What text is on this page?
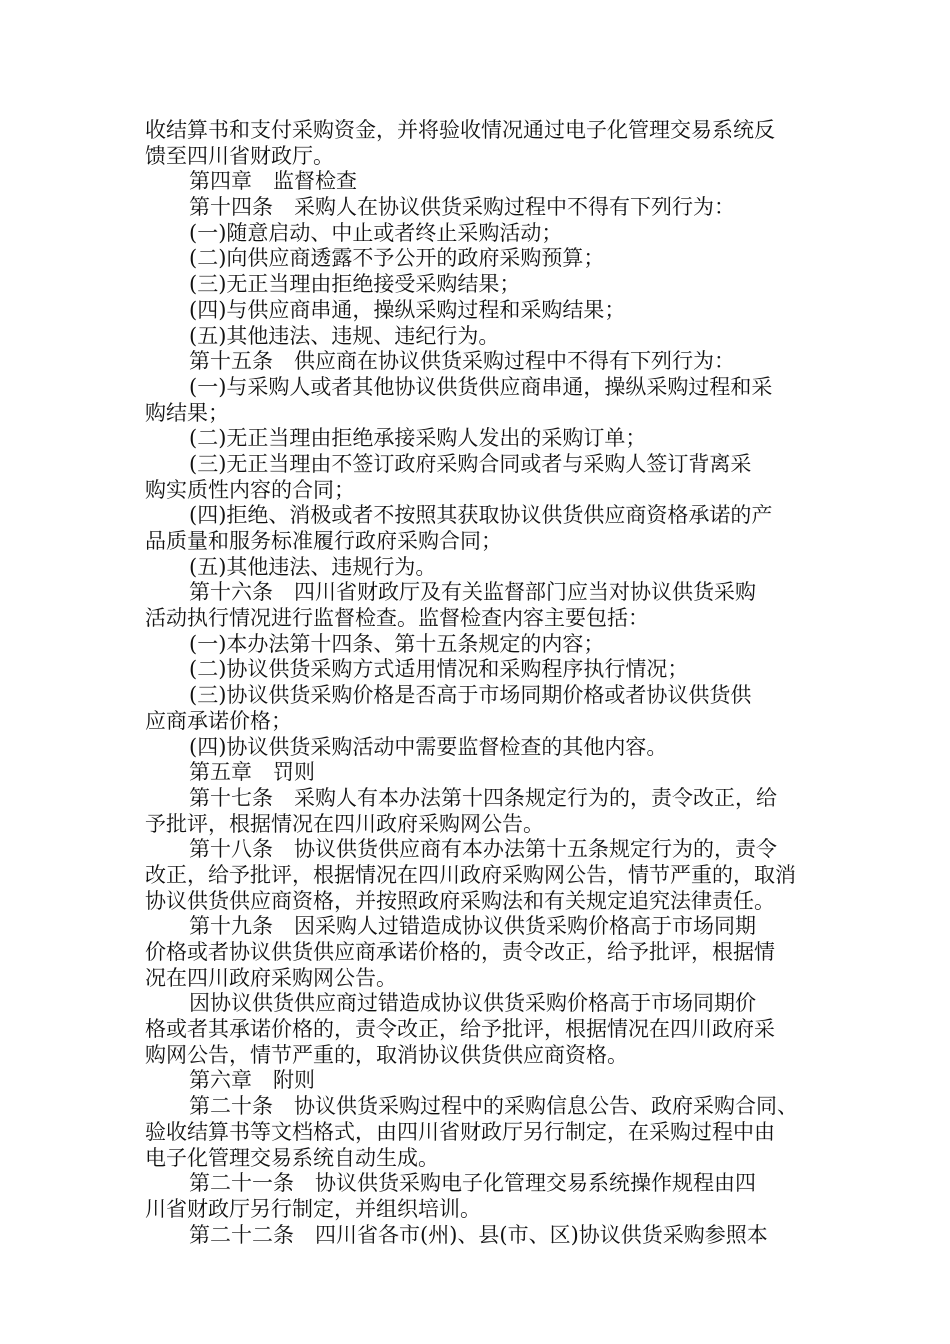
收结算书和支付采购资金，并将验收情况通过电子化管理交易系统反
馈至四川省财政厅。
第四章　监督检查
第十四条　采购人在协议供货采购过程中不得有下列行为：
(一)随意启动、中止或者终止采购活动；
(二)向供应商透露不予公开的政府采购预算；
(三)无正当理由拒绝接受采购结果；
(四)与供应商串通，操纵采购过程和采购结果；
(五)其他违法、违规、违纪行为。
第十五条　供应商在协议供货采购过程中不得有下列行为：
(一)与采购人或者其他协议供货供应商串通，操纵采购过程和采
购结果；
(二)无正当理由拒绝承接采购人发出的采购订单；
(三)无正当理由不签订政府采购合同或者与采购人签订背离采
购实质性内容的合同；
(四)拒绝、消极或者不按照其获取协议供货供应商资格承诺的产
品质量和服务标准履行政府采购合同；
(五)其他违法、违规行为。
第十六条　四川省财政厅及有关监督部门应当对协议供货采购
活动执行情况进行监督检查。监督检查内容主要包括：
(一)本办法第十四条、第十五条规定的内容；
(二)协议供货采购方式适用情况和采购程序执行情况；
(三)协议供货采购价格是否高于市场同期价格或者协议供货供
应商承诺价格；
(四)协议供货采购活动中需要监督检查的其他内容。
第五章　罚则
第十七条　采购人有本办法第十四条规定行为的，责令改正，给
予批评，根据情况在四川政府采购网公告。
第十八条　协议供货供应商有本办法第十五条规定行为的，责令
改正，给予批评，根据情况在四川政府采购网公告，情节严重的，取消
协议供货供应商资格，并按照政府采购法和有关规定追究法律责任。
第十九条　因采购人过错造成协议供货采购价格高于市场同期
价格或者协议供货供应商承诺价格的，责令改正，给予批评，根据情
况在四川政府采购网公告。
因协议供货供应商过错造成协议供货采购价格高于市场同期价
格或者其承诺价格的，责令改正，给予批评，根据情况在四川政府采
购网公告，情节严重的，取消协议供货供应商资格。
第六章　附则
第二十条　协议供货采购过程中的采购信息公告、政府采购合同、
验收结算书等文档格式，由四川省财政厅另行制定，在采购过程中由
电子化管理交易系统自动生成。
第二十一条　协议供货采购电子化管理交易系统操作规程由四
川省财政厅另行制定，并组织培训。
第二十二条　四川省各市(州)、县(市、区)协议供货采购参照本
